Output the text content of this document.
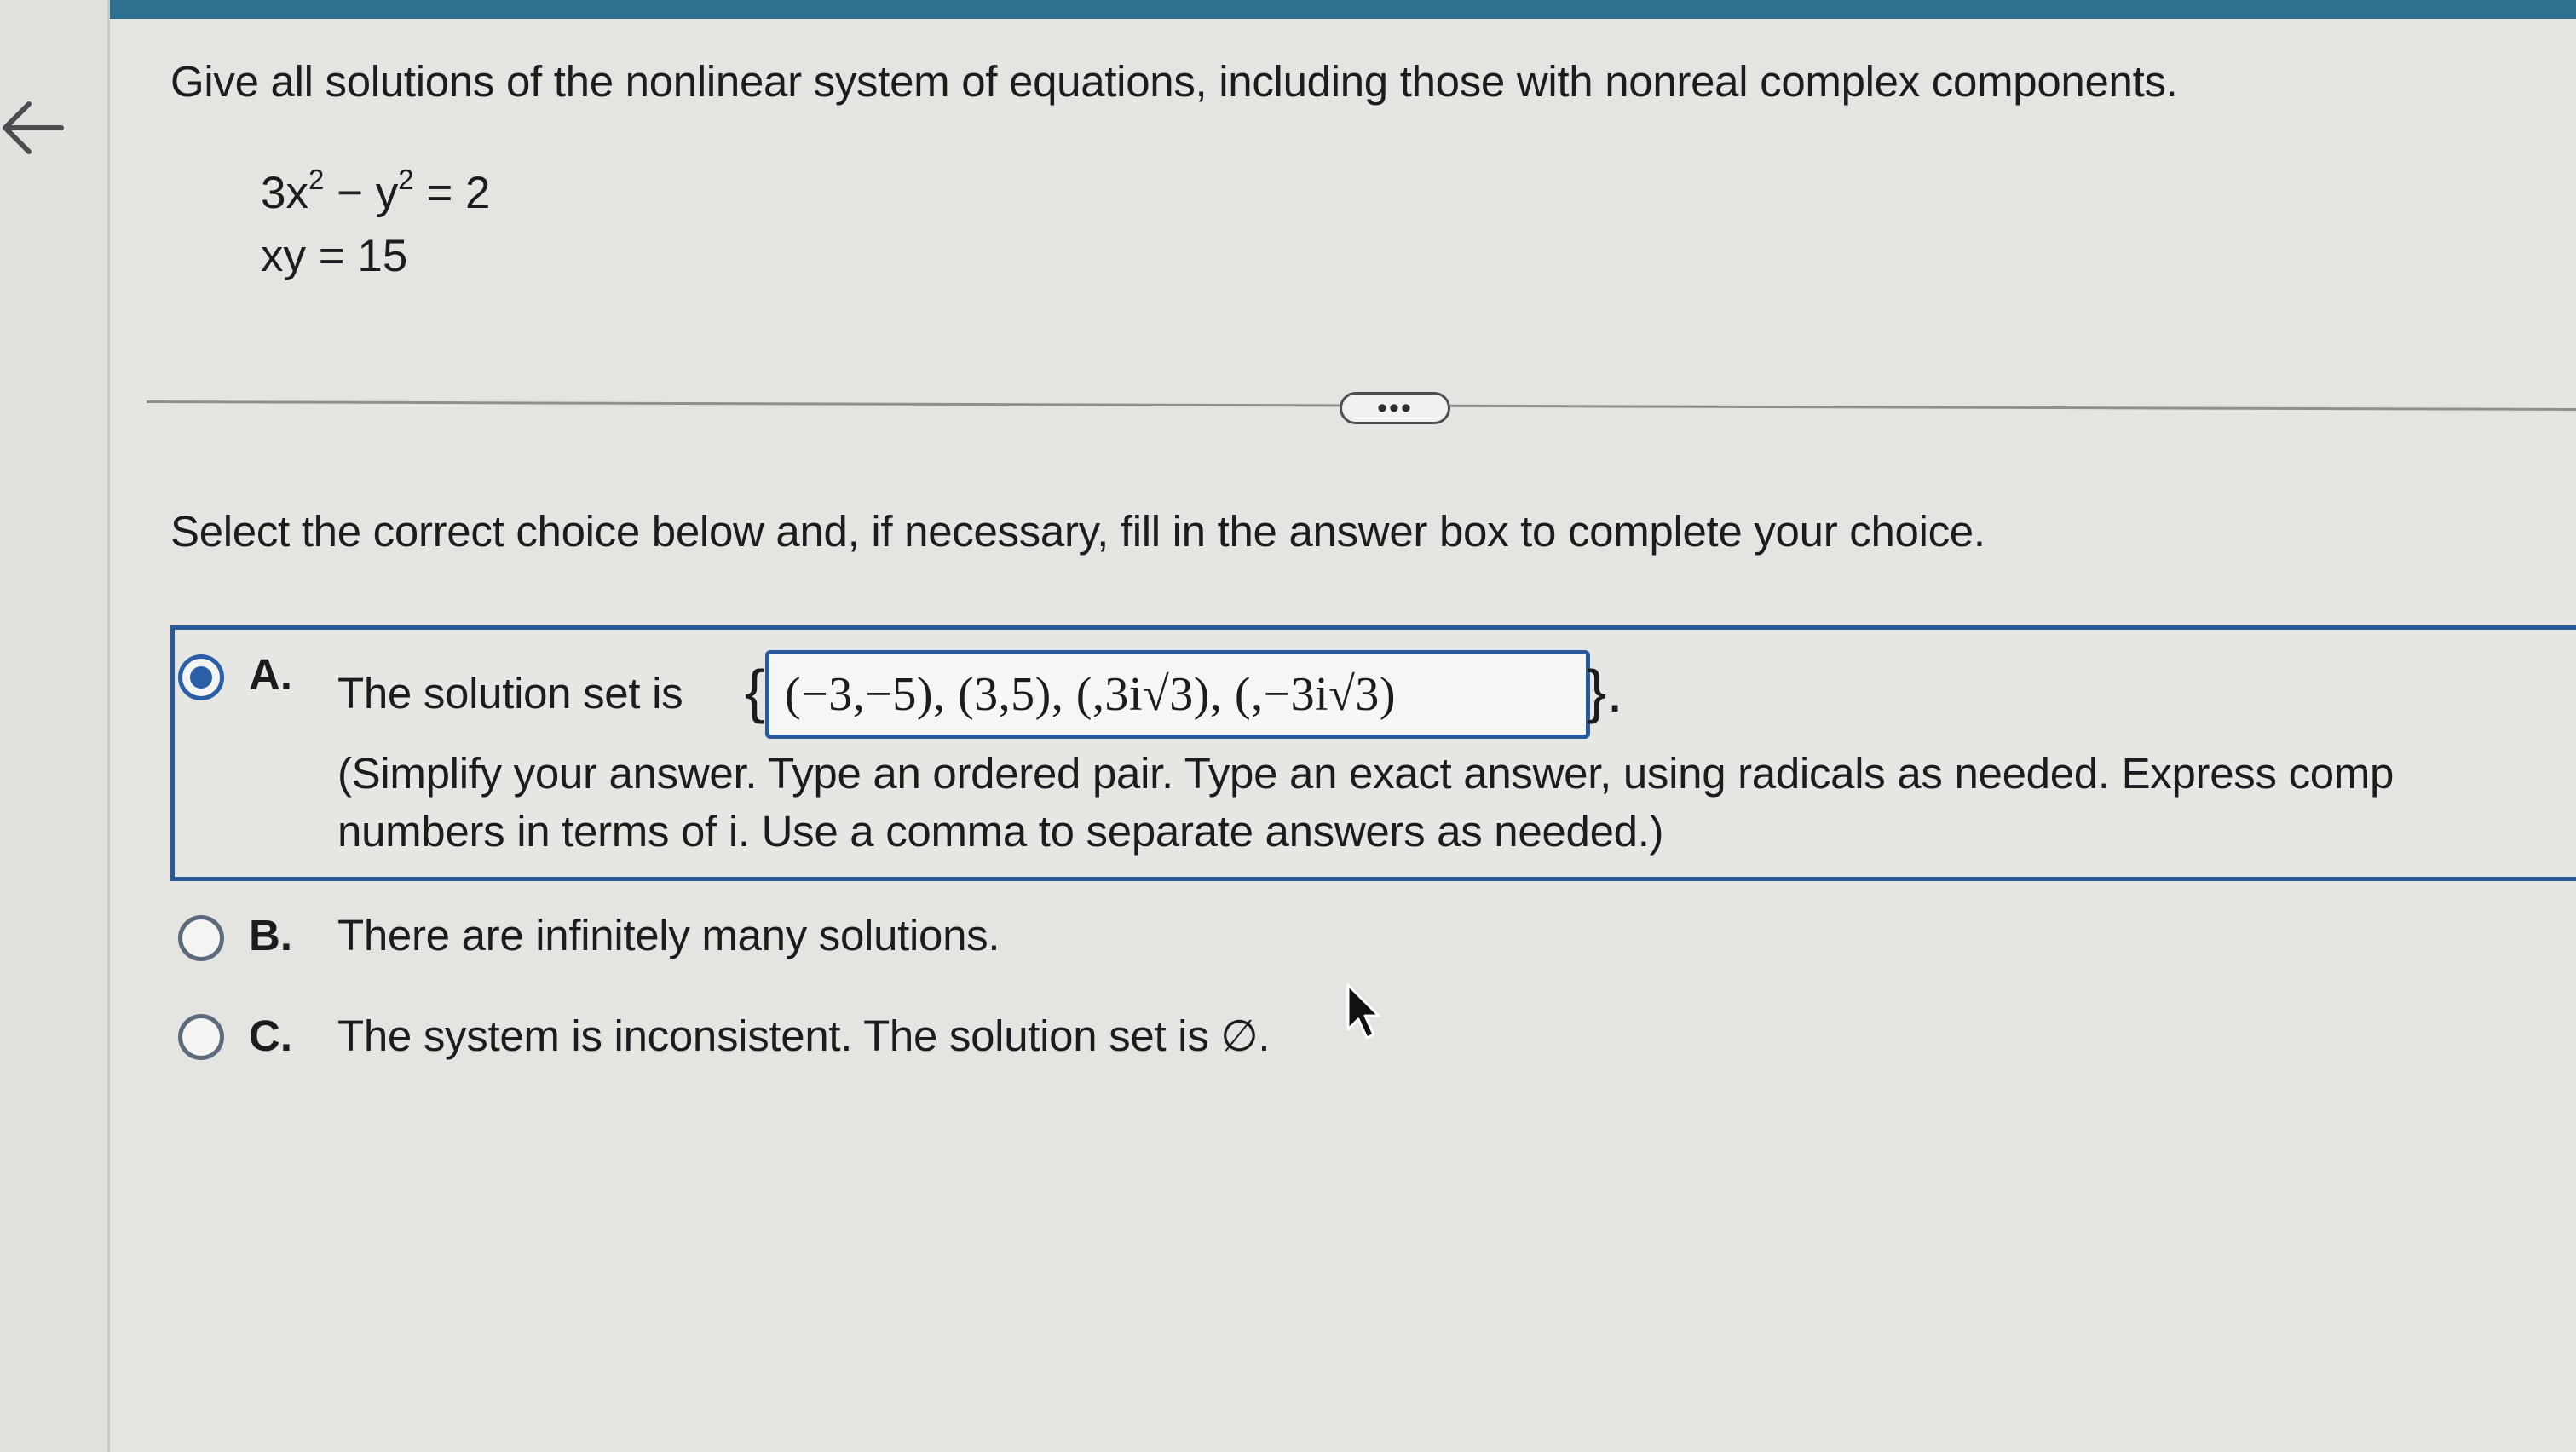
Give all solutions of the nonlinear system of equations, including those with nonreal complex components.
$3x^2 - y^2 = 2$
xy = 15
•••
Select the correct choice below and, if necessary, fill in the answer box to complete your choice.
A. The solution set is { (−3,−5), (3,5), (,3i√3), (,−3i√3)	}.
(Simplify your answer. Type an ordered pair. Type an exact answer, using radicals as needed. Express comp
numbers in terms of i. Use a comma to separate answers as needed.)
B. There are infinitely many solutions.
C. The system is inconsistent. The solution set is ∅.
